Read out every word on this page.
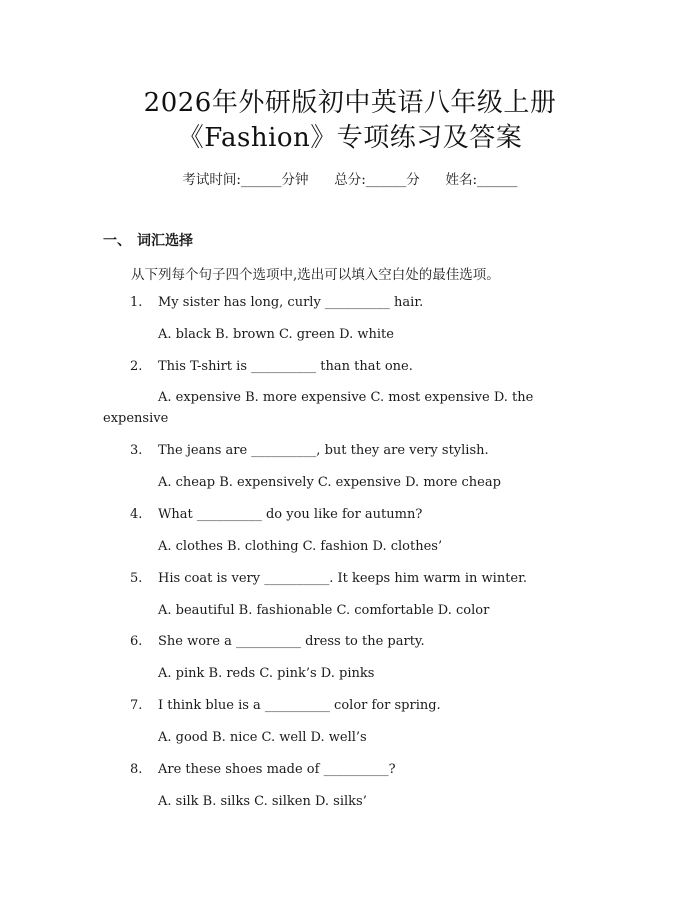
2026年外研版初中英语八年级上册
《Fashion》专项练习及答案
考试时间:______分钟      总分:______分      姓名:______
一、 词汇选择
从下列每个句子四个选项中,选出可以填入空白处的最佳选项。
1. My sister has long, curly __________ hair.
A. black B. brown C. green D. white
2. This T-shirt is __________ than that one.
A. expensive B. more expensive C. most expensive D. the
expensive
3. The jeans are __________, but they are very stylish.
A. cheap B. expensively C. expensive D. more cheap
4. What __________ do you like for autumn?
A. clothes B. clothing C. fashion D. clothes’
5. His coat is very __________. It keeps him warm in winter.
A. beautiful B. fashionable C. comfortable D. color
6. She wore a __________ dress to the party.
A. pink B. reds C. pink’s D. pinks
7. I think blue is a __________ color for spring.
A. good B. nice C. well D. well’s
8. Are these shoes made of __________?
A. silk B. silks C. silken D. silks’
